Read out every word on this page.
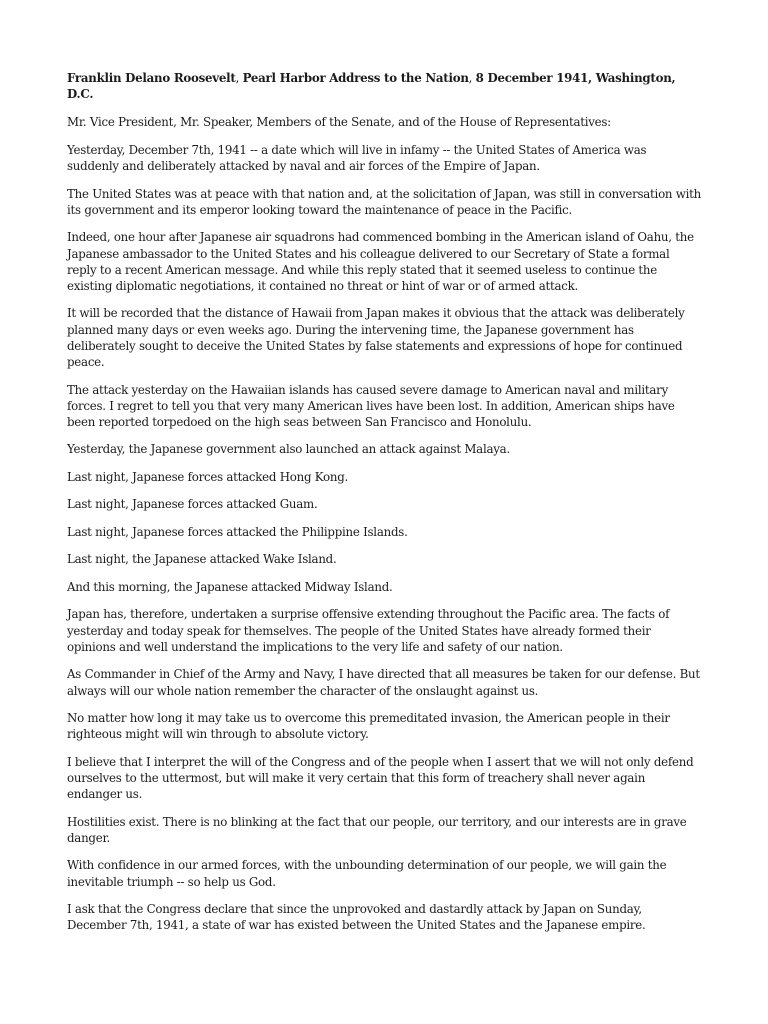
Franklin Delano Roosevelt, Pearl Harbor Address to the Nation, 8 December 1941, Washington, D.C.

Mr. Vice President, Mr. Speaker, Members of the Senate, and of the House of Representatives:

Yesterday, December 7th, 1941 -- a date which will live in infamy -- the United States of America was suddenly and deliberately attacked by naval and air forces of the Empire of Japan.

The United States was at peace with that nation and, at the solicitation of Japan, was still in conversation with its government and its emperor looking toward the maintenance of peace in the Pacific.

Indeed, one hour after Japanese air squadrons had commenced bombing in the American island of Oahu, the Japanese ambassador to the United States and his colleague delivered to our Secretary of State a formal reply to a recent American message. And while this reply stated that it seemed useless to continue the existing diplomatic negotiations, it contained no threat or hint of war or of armed attack.

It will be recorded that the distance of Hawaii from Japan makes it obvious that the attack was deliberately planned many days or even weeks ago. During the intervening time, the Japanese government has deliberately sought to deceive the United States by false statements and expressions of hope for continued peace.

The attack yesterday on the Hawaiian islands has caused severe damage to American naval and military forces. I regret to tell you that very many American lives have been lost. In addition, American ships have been reported torpedoed on the high seas between San Francisco and Honolulu.

Yesterday, the Japanese government also launched an attack against Malaya.

Last night, Japanese forces attacked Hong Kong.

Last night, Japanese forces attacked Guam.

Last night, Japanese forces attacked the Philippine Islands.

Last night, the Japanese attacked Wake Island.

And this morning, the Japanese attacked Midway Island.

Japan has, therefore, undertaken a surprise offensive extending throughout the Pacific area. The facts of yesterday and today speak for themselves. The people of the United States have already formed their opinions and well understand the implications to the very life and safety of our nation.

As Commander in Chief of the Army and Navy, I have directed that all measures be taken for our defense. But always will our whole nation remember the character of the onslaught against us.

No matter how long it may take us to overcome this premeditated invasion, the American people in their righteous might will win through to absolute victory.

I believe that I interpret the will of the Congress and of the people when I assert that we will not only defend ourselves to the uttermost, but will make it very certain that this form of treachery shall never again endanger us.

Hostilities exist. There is no blinking at the fact that our people, our territory, and our interests are in grave danger.

With confidence in our armed forces, with the unbounding determination of our people, we will gain the inevitable triumph -- so help us God.

I ask that the Congress declare that since the unprovoked and dastardly attack by Japan on Sunday, December 7th, 1941, a state of war has existed between the United States and the Japanese empire.
